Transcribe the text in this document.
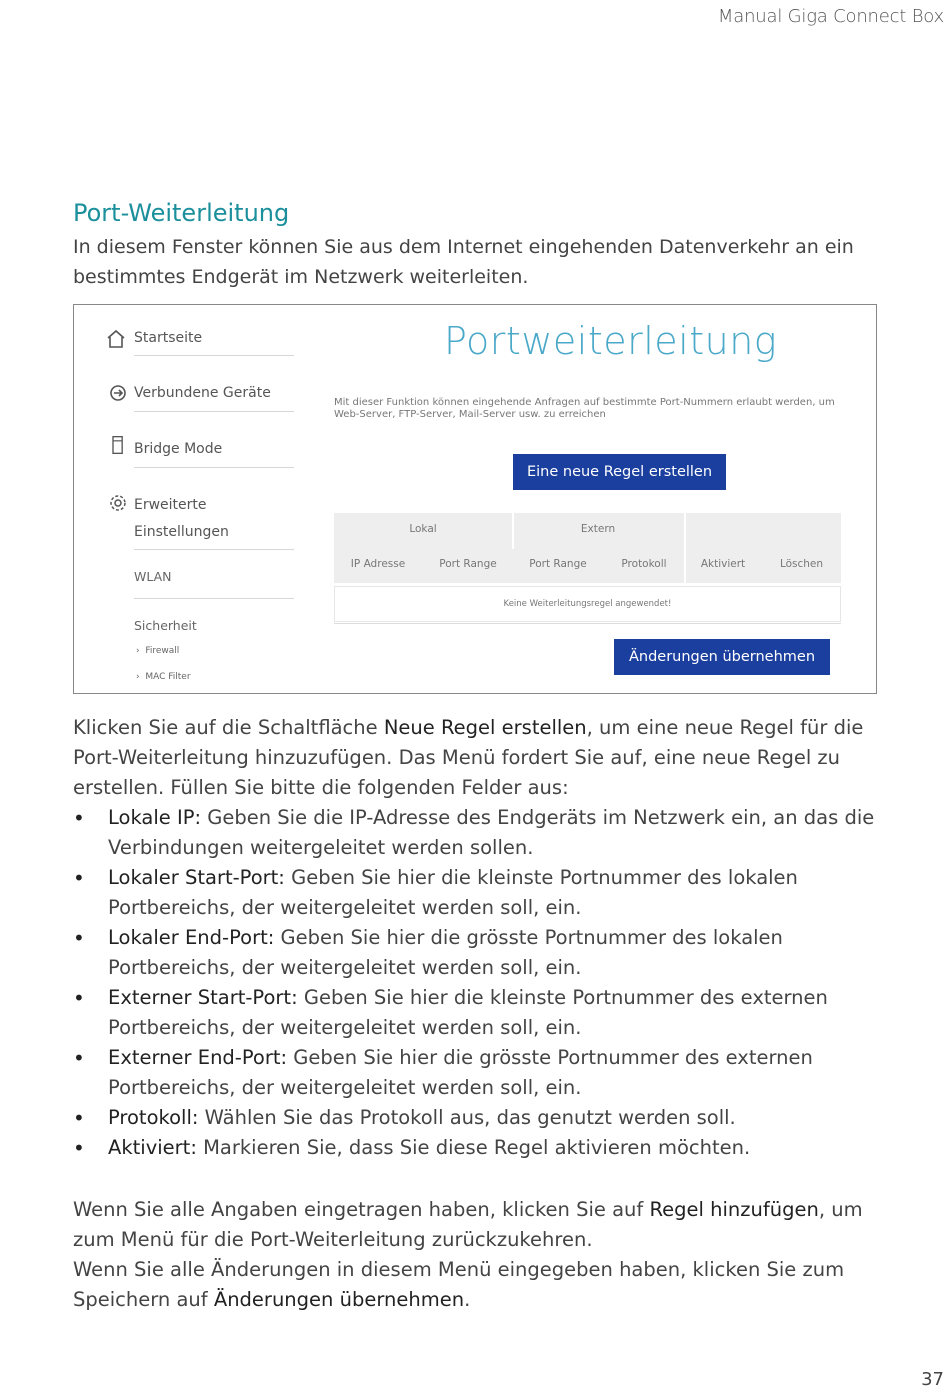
Manual Giga Connect Box
Port-Weiterleitung
In diesem Fenster können Sie aus dem Internet eingehenden Datenverkehr an ein bestimmtes Endgerät im Netzwerk weiterleiten.
Startseite
Verbundene Geräte
Bridge Mode
Erweiterte
Einstellungen
WLAN
Sicherheit
›  Firewall
›  MAC Filter
Portweiterleitung
Mit dieser Funktion können eingehende Anfragen auf bestimmte Port-Nummern erlaubt werden, um Web-Server, FTP-Server, Mail-Server usw. zu erreichen
Eine neue Regel erstellen
Lokal	Extern
IP Adresse	Port Range	Port Range	Protokoll	Aktiviert	Löschen
Keine Weiterleitungsregel angewendet!
Änderungen übernehmen
Klicken Sie auf die Schaltfläche Neue Regel erstellen, um eine neue Regel für die Port-Weiterleitung hinzuzufügen. Das Menü fordert Sie auf, eine neue Regel zu erstellen. Füllen Sie bitte die folgenden Felder aus:
• Lokale IP: Geben Sie die IP-Adresse des Endgeräts im Netzwerk ein, an das die Verbindungen weitergeleitet werden sollen.
• Lokaler Start-Port: Geben Sie hier die kleinste Portnummer des lokalen Portbereichs, der weitergeleitet werden soll, ein.
• Lokaler End-Port: Geben Sie hier die grösste Portnummer des lokalen Portbereichs, der weitergeleitet werden soll, ein.
• Externer Start-Port: Geben Sie hier die kleinste Portnummer des externen Portbereichs, der weitergeleitet werden soll, ein.
• Externer End-Port: Geben Sie hier die grösste Portnummer des externen Portbereichs, der weitergeleitet werden soll, ein.
• Protokoll: Wählen Sie das Protokoll aus, das genutzt werden soll.
• Aktiviert: Markieren Sie, dass Sie diese Regel aktivieren möchten.
Wenn Sie alle Angaben eingetragen haben, klicken Sie auf Regel hinzufügen, um zum Menü für die Port-Weiterleitung zurückzukehren.
Wenn Sie alle Änderungen in diesem Menü eingegeben haben, klicken Sie zum Speichern auf Änderungen übernehmen.
37
